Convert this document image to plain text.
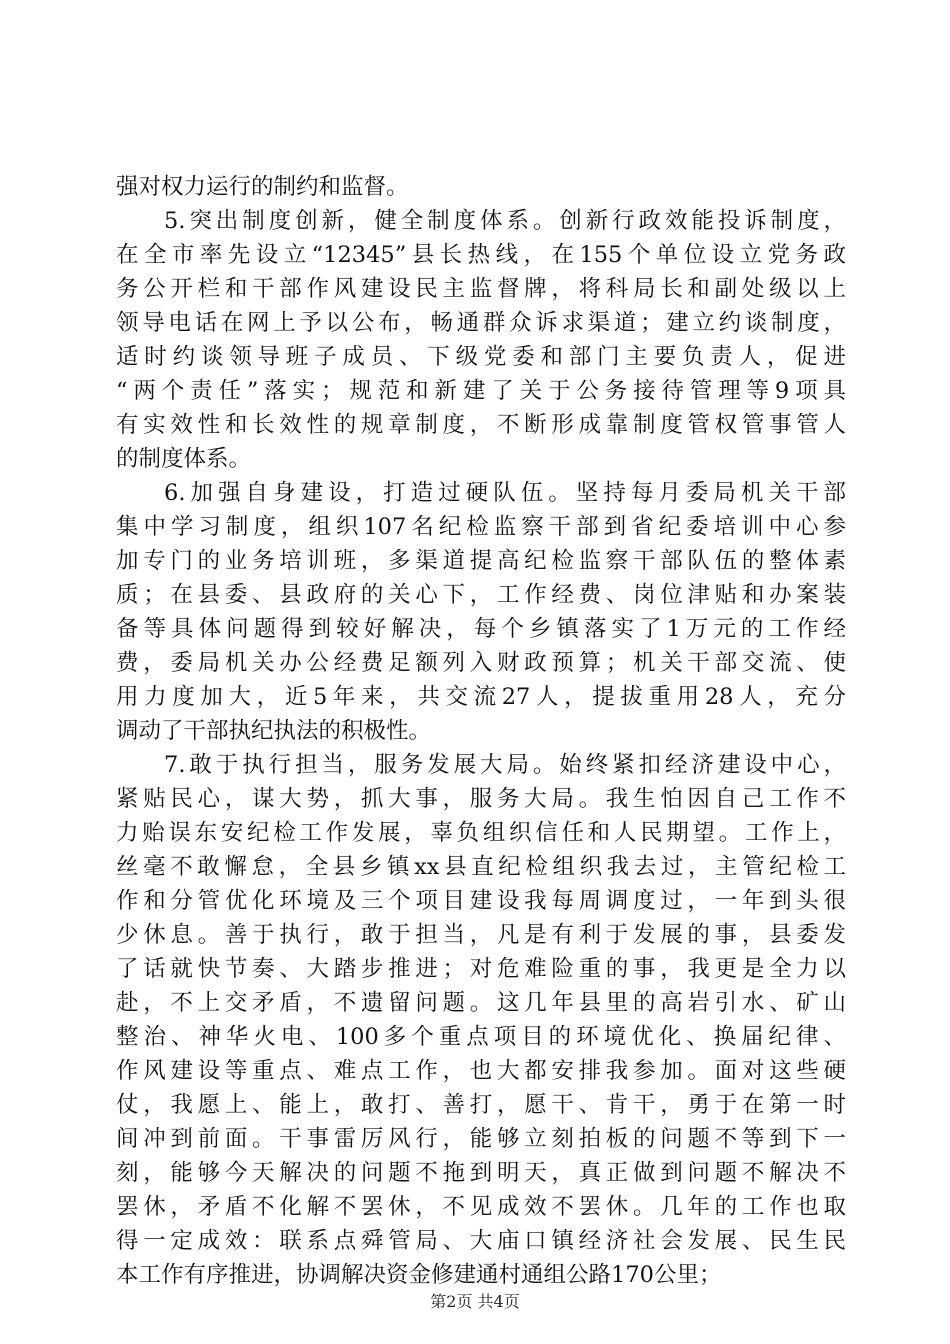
强对权力运行的制约和监督。
5.突出制度创新，健全制度体系。创新行政效能投诉制度，
在全市率先设立“12345”县长热线，在155个单位设立党务政
务公开栏和干部作风建设民主监督牌，将科局长和副处级以上
领导电话在网上予以公布，畅通群众诉求渠道；建立约谈制度，
适时约谈领导班子成员、下级党委和部门主要负责人，促进
“两个责任”落实；规范和新建了关于公务接待管理等9项具
有实效性和长效性的规章制度，不断形成靠制度管权管事管人
的制度体系。
6.加强自身建设，打造过硬队伍。坚持每月委局机关干部
集中学习制度，组织107名纪检监察干部到省纪委培训中心参
加专门的业务培训班，多渠道提高纪检监察干部队伍的整体素
质；在县委、县政府的关心下，工作经费、岗位津贴和办案装
备等具体问题得到较好解决，每个乡镇落实了1万元的工作经
费，委局机关办公经费足额列入财政预算；机关干部交流、使
用力度加大，近5年来，共交流27人，提拔重用28人，充分
调动了干部执纪执法的积极性。
7.敢于执行担当，服务发展大局。始终紧扣经济建设中心，
紧贴民心，谋大势，抓大事，服务大局。我生怕因自己工作不
力贻误东安纪检工作发展，辜负组织信任和人民期望。工作上，
丝毫不敢懈怠，全县乡镇xx县直纪检组织我去过，主管纪检工
作和分管优化环境及三个项目建设我每周调度过，一年到头很
少休息。善于执行，敢于担当，凡是有利于发展的事，县委发
了话就快节奏、大踏步推进；对危难险重的事，我更是全力以
赴，不上交矛盾，不遗留问题。这几年县里的高岩引水、矿山
整治、神华火电、100多个重点项目的环境优化、换届纪律、
作风建设等重点、难点工作，也大都安排我参加。面对这些硬
仗，我愿上、能上，敢打、善打，愿干、肯干，勇于在第一时
间冲到前面。干事雷厉风行，能够立刻拍板的问题不等到下一
刻，能够今天解决的问题不拖到明天，真正做到问题不解决不
罢休，矛盾不化解不罢休，不见成效不罢休。几年的工作也取
得一定成效：联系点舜管局、大庙口镇经济社会发展、民生民
本工作有序推进，协调解决资金修建通村通组公路170公里；
第2页 共4页
